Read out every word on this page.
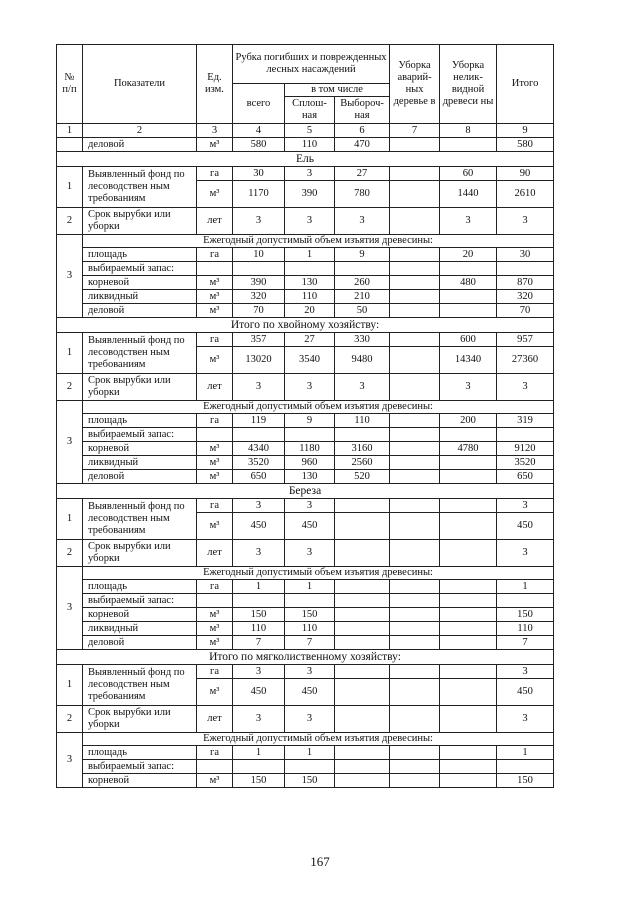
№ п/п	Показатели	Ед. изм.	Рубка погибших и поврежденных лесных насаждений			Уборка аварий-ных деревье в	Уборка нелик-видной древеси ны	Итого
			всего	в том числе				
				Сплош-ная	Выбороч-ная			
1	2	3	4	5	6	7	8	9
	деловой	м³	580	110	470			580
Ель								
1	Выявленный фонд по лесоводствен ным требованиям	га	30	3	27		60	90
		м³	1170	390	780		1440	2610
2	Срок вырубки или уборки	лет	3	3	3		3	3
3	Ежегодный допустимый объем изъятия древесины:							
	площадь	га	10	1	9		20	30
	выбираемый запас:							
	корневой	м³	390	130	260		480	870
	ликвидный	м³	320	110	210			320
	деловой	м³	70	20	50			70
Итого по хвойному хозяйству:								
1	Выявленный фонд по лесоводствен ным требованиям	га	357	27	330		600	957
		м³	13020	3540	9480		14340	27360
2	Срок вырубки или уборки	лет	3	3	3		3	3
3	Ежегодный допустимый объем изъятия древесины:							
	площадь	га	119	9	110		200	319
	выбираемый запас:							
	корневой	м³	4340	1180	3160		4780	9120
	ликвидный	м³	3520	960	2560			3520
	деловой	м³	650	130	520			650
Береза								
1	Выявленный фонд по лесоводствен ным требованиям	га	3	3				3
		м³	450	450				450
2	Срок вырубки или уборки	лет	3	3				3
3	Ежегодный допустимый объем изъятия древесины:							
	площадь	га	1	1				1
	выбираемый запас:							
	корневой	м³	150	150				150
	ликвидный	м³	110	110				110
	деловой	м³	7	7				7
Итого по мягколиственному хозяйству:								
1	Выявленный фонд по лесоводствен ным требованиям	га	3	3				3
		м³	450	450				450
2	Срок вырубки или уборки	лет	3	3				3
3	Ежегодный допустимый объем изъятия древесины:							
	площадь	га	1	1				1
	выбираемый запас:							
	корневой	м³	150	150				150
167
